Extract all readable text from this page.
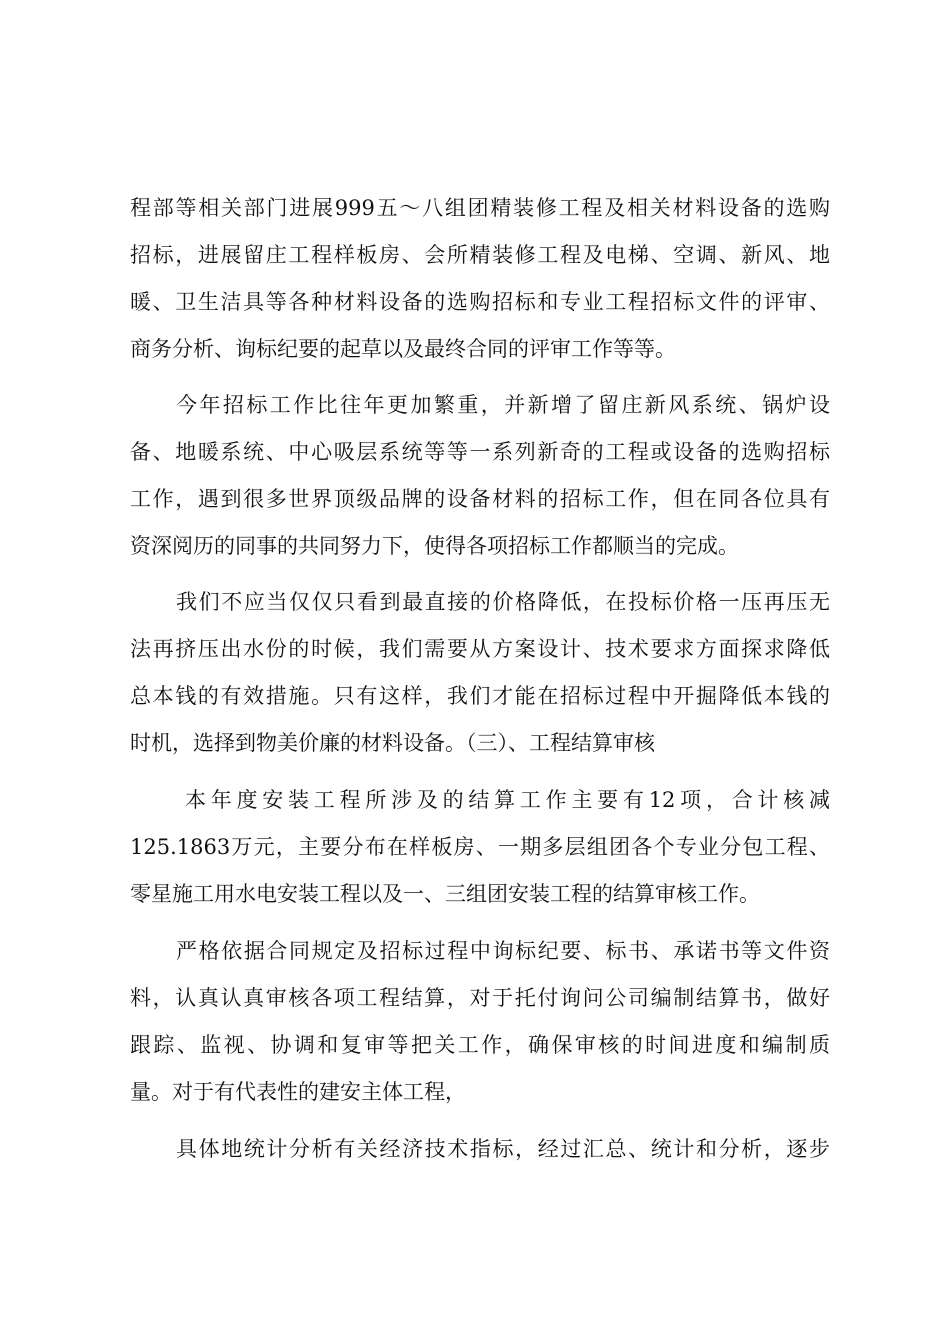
程部等相关部门进展999五～八组团精装修工程及相关材料设备的选购
招标，进展留庄工程样板房、会所精装修工程及电梯、空调、新风、地
暖、卫生洁具等各种材料设备的选购招标和专业工程招标文件的评审、
商务分析、询标纪要的起草以及最终合同的评审工作等等。
今年招标工作比往年更加繁重，并新增了留庄新风系统、锅炉设
备、地暖系统、中心吸层系统等等一系列新奇的工程或设备的选购招标
工作，遇到很多世界顶级品牌的设备材料的招标工作，但在同各位具有
资深阅历的同事的共同努力下，使得各项招标工作都顺当的完成。
我们不应当仅仅只看到最直接的价格降低，在投标价格一压再压无
法再挤压出水份的时候，我们需要从方案设计、技术要求方面探求降低
总本钱的有效措施。只有这样，我们才能在招标过程中开掘降低本钱的
时机，选择到物美价廉的材料设备。（三）、工程结算审核
本年度安装工程所涉及的结算工作主要有12项，合计核减
125.1863万元，主要分布在样板房、一期多层组团各个专业分包工程、
零星施工用水电安装工程以及一、三组团安装工程的结算审核工作。
严格依据合同规定及招标过程中询标纪要、标书、承诺书等文件资
料，认真认真审核各项工程结算，对于托付询问公司编制结算书，做好
跟踪、监视、协调和复审等把关工作，确保审核的时间进度和编制质
量。对于有代表性的建安主体工程，
具体地统计分析有关经济技术指标，经过汇总、统计和分析，逐步
